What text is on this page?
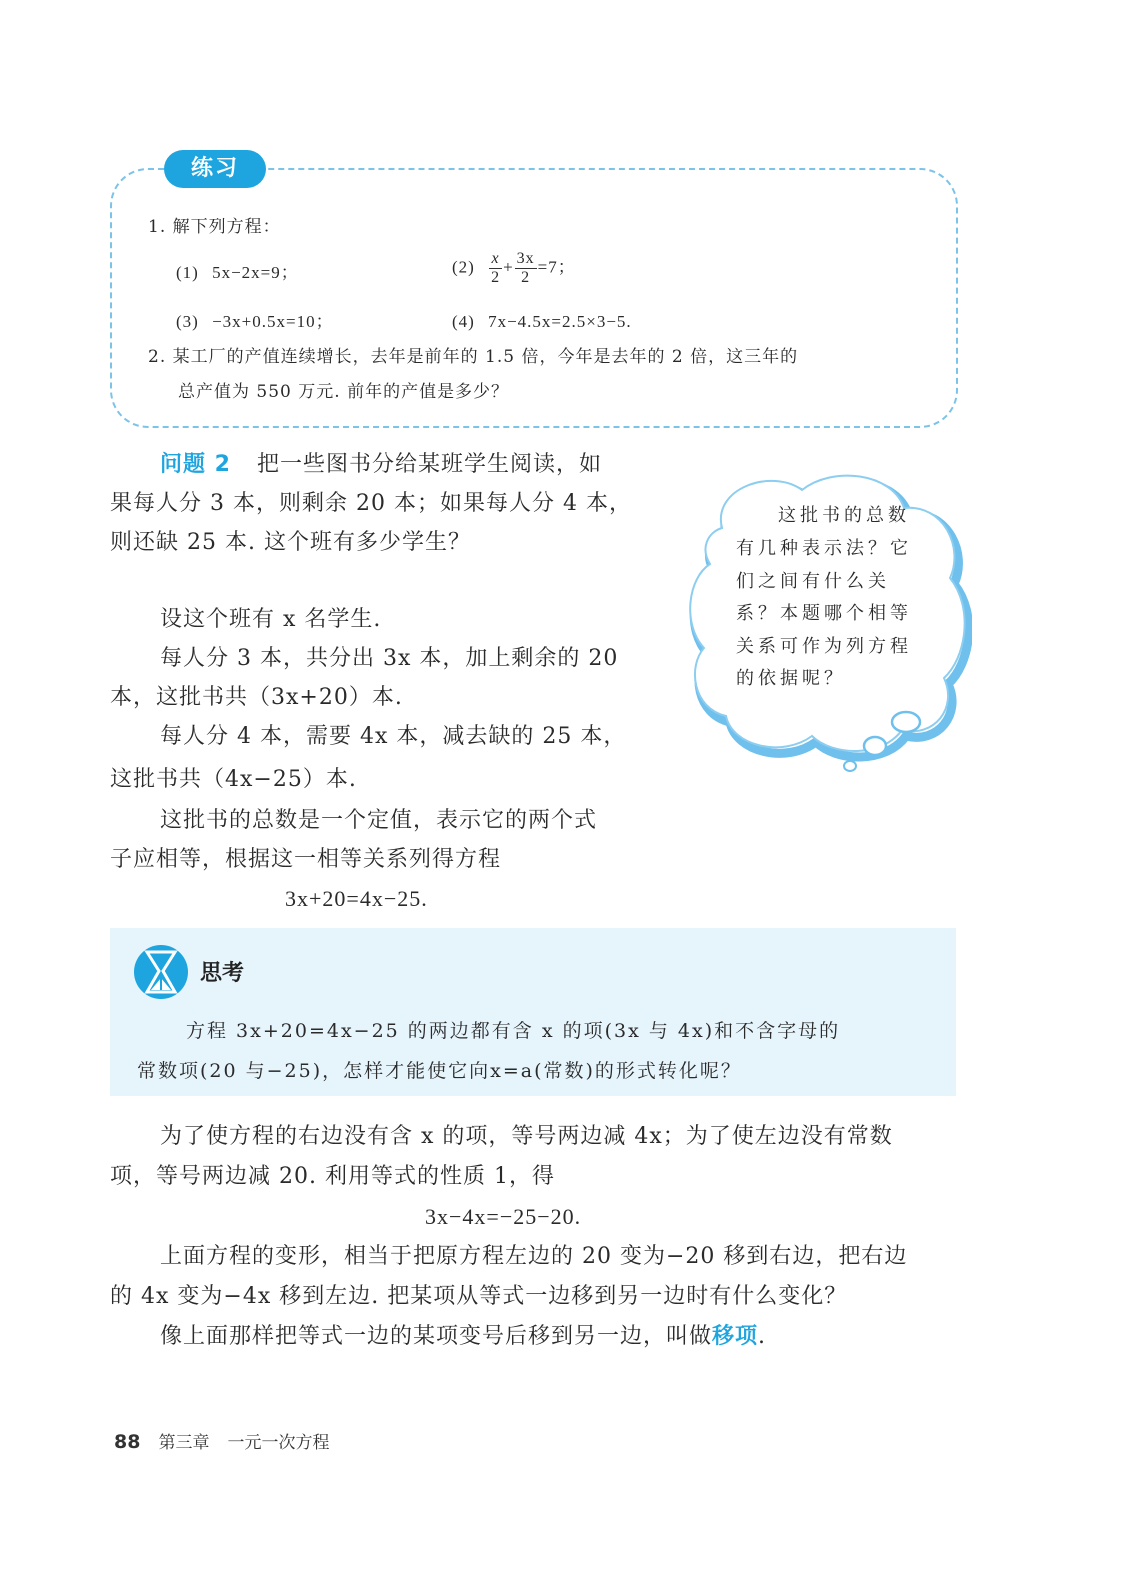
练习
1. 解下列方程：
(1) 5x−2x=9；	$(2) \frac{x}{2} + \frac{3x}{2} =7$；
(3) −3x+0.5x=10；	(4) 7x−4.5x=2.5×3−5.
2. 某工厂的产值连续增长，去年是前年的 1.5 倍，今年是去年的 2 倍，这三年的
总产值为 550 万元. 前年的产值是多少？
问题 2 把一些图书分给某班学生阅读，如
果每人分 3 本，则剩余 20 本；如果每人分 4 本，
则还缺 25 本. 这个班有多少学生？
设这个班有 x 名学生.
每人分 3 本，共分出 3x 本，加上剩余的 20
本，这批书共（3x+20）本.
每人分 4 本，需要 4x 本，减去缺的 25 本，
这批书共（4x−25）本.
这批书的总数是一个定值，表示它的两个式
子应相等，根据这一相等关系列得方程
3x+20=4x−25.
这批书的总数
有几种表示法？它
们之间有什么关
系？本题哪个相等
关系可作为列方程
的依据呢？
思考
方程 3x+20=4x−25 的两边都有含 x 的项(3x 与 4x)和不含字母的
常数项(20 与−25)，怎样才能使它向x=a(常数)的形式转化呢？
为了使方程的右边没有含 x 的项，等号两边减 4x；为了使左边没有常数
项，等号两边减 20. 利用等式的性质 1，得
3x−4x=−25−20.
上面方程的变形，相当于把原方程左边的 20 变为−20 移到右边，把右边
的 4x 变为−4x 移到左边. 把某项从等式一边移到另一边时有什么变化？
像上面那样把等式一边的某项变号后移到另一边，叫做移项.
88 第三章 一元一次方程
